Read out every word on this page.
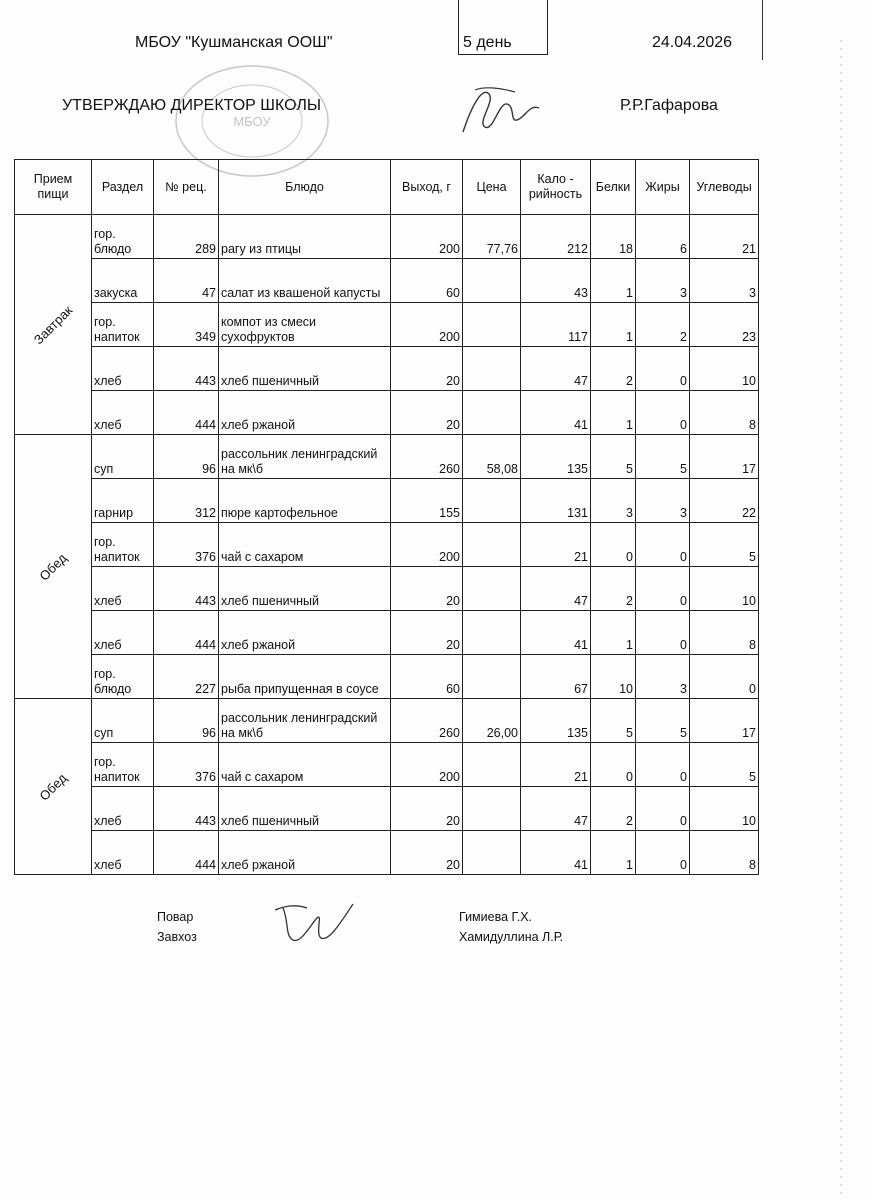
МБОУ "Кушманская ООШ"	5 день	24.04.2026
УТВЕРЖДАЮ ДИРЕКТОР ШКОЛЫ	Р.Р.Гафарова
МБОУ
Прием пищи	Раздел	№ рец.	Блюдо	Выход, г	Цена	Кало - рийность	Белки	Жиры	Углеводы

Завтрак	гор. блюдо	289	рагу из птицы	200	77,76	212	18	6	21
	закуска	47	салат из квашеной капусты	60		43	1	3	3
	гор. напиток	349	компот из смеси сухофруктов	200		117	1	2	23
	хлеб	443	хлеб пшеничный	20		47	2	0	10
	хлеб	444	хлеб ржаной	20		41	1	0	8

Обед	суп	96	рассольник ленинградский на мк\б	260	58,08	135	5	5	17
	гарнир	312	пюре картофельное	155		131	3	3	22
	гор. напиток	376	чай с сахаром	200		21	0	0	5
	хлеб	443	хлеб пшеничный	20		47	2	0	10
	хлеб	444	хлеб ржаной	20		41	1	0	8
	гор. блюдо	227	рыба припущенная в соусе	60		67	10	3	0

Обед	суп	96	рассольник ленинградский на мк\б	260	26,00	135	5	5	17
	гор. напиток	376	чай с сахаром	200		21	0	0	5
	хлеб	443	хлеб пшеничный	20		47	2	0	10
	хлеб	444	хлеб ржаной	20		41	1	0	8
Повар
Завхоз
Гимиева Г.Х.
Хамидуллина Л.Р.
